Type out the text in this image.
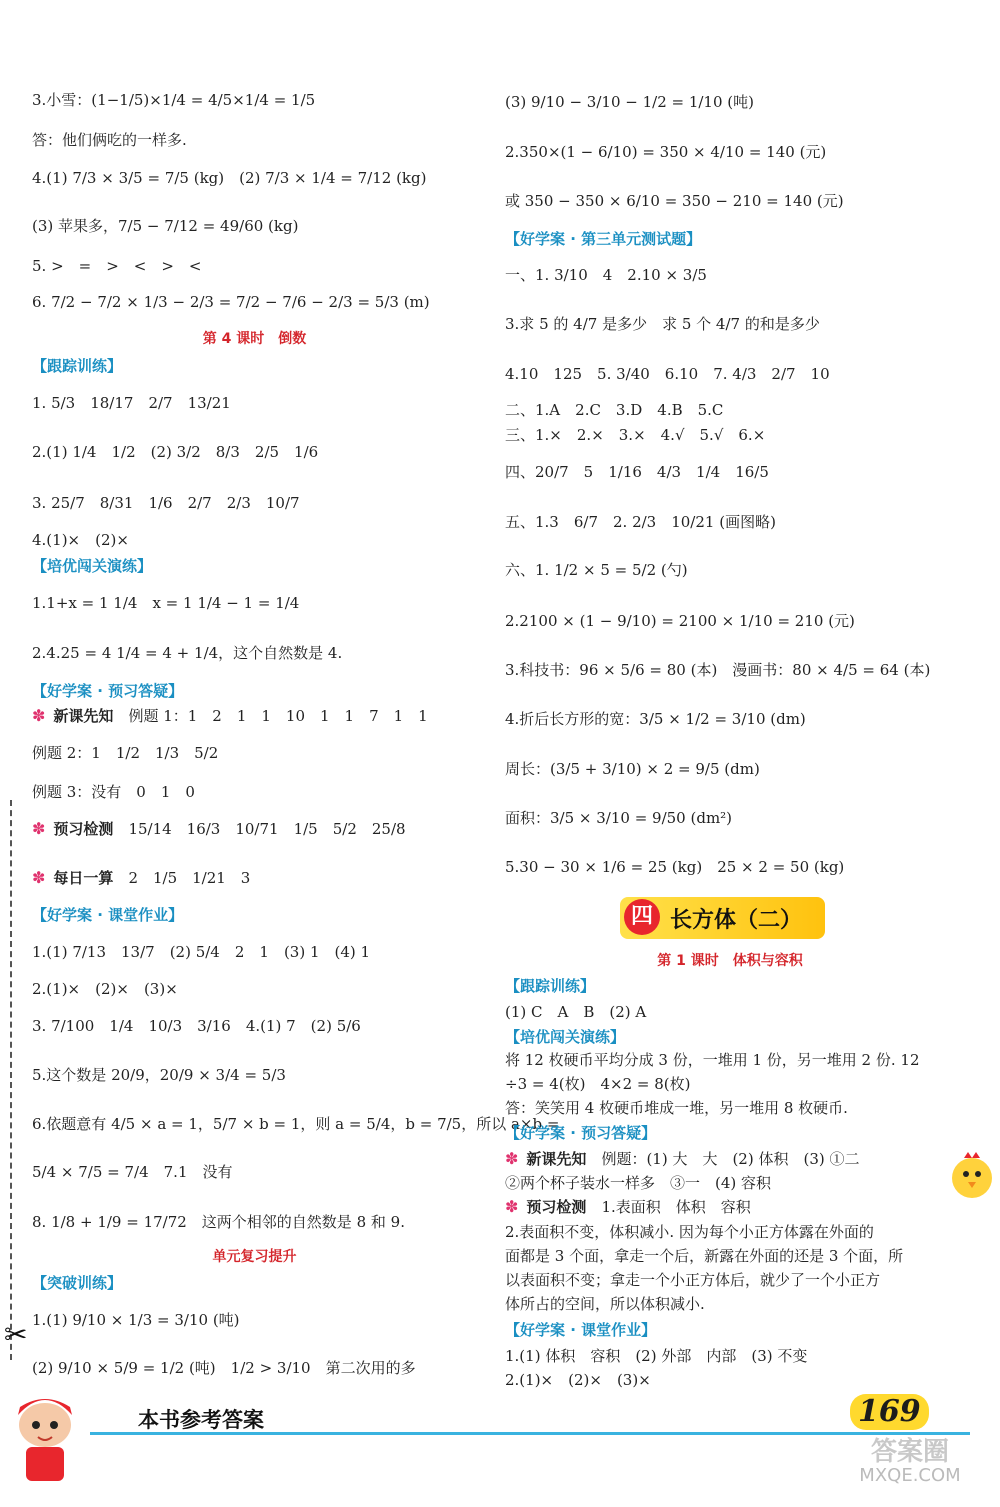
✂
3.小雪：(1−1/5)×1/4 = 4/5×1/4 = 1/5
答：他们俩吃的一样多.
4.(1) 7/3 × 3/5 = 7/5 (kg)　(2) 7/3 × 1/4 = 7/12 (kg)
(3) 苹果多，7/5 − 7/12 = 49/60 (kg)
5. >　=　>　<　>　<
6. 7/2 − 7/2 × 1/3 − 2/3 = 7/2 − 7/6 − 2/3 = 5/3 (m)
第 4 课时　倒数
【跟踪训练】
1. 5/3　18/17　2/7　13/21
2.(1) 1/4　1/2　(2) 3/2　8/3　2/5　1/6
3. 25/7　8/31　1/6　2/7　2/3　10/7
4.(1)×　(2)×
【培优闯关演练】
1.1+x = 1 1/4　x = 1 1/4 − 1 = 1/4
2.4.25 = 4 1/4 = 4 + 1/4，这个自然数是 4.
【好学案 · 预习答疑】
✽ 新课先知　 例题 1：1　2　1　1　10　1　1　7　1　1
例题 2：1　1/2　1/3　5/2
例题 3：没有　0　1　0
✽ 预习检测　 15/14　16/3　10/71　1/5　5/2　25/8
✽ 每日一算　 2　1/5　1/21　3
【好学案 · 课堂作业】
1.(1) 7/13　13/7　(2) 5/4　2　1　(3) 1　(4) 1
2.(1)×　(2)×　(3)×
3. 7/100　1/4　10/3　3/16　4.(1) 7　(2) 5/6
5.这个数是 20/9，20/9 × 3/4 = 5/3
6.依题意有 4/5 × a = 1，5/7 × b = 1，则 a = 5/4，b = 7/5，所以 a×b =
5/4 × 7/5 = 7/4　7.1　没有
8. 1/8 + 1/9 = 17/72　这两个相邻的自然数是 8 和 9.
单元复习提升
【突破训练】
1.(1) 9/10 × 1/3 = 3/10 (吨)
(2) 9/10 × 5/9 = 1/2 (吨)　1/2 > 3/10　第二次用的多
(3) 9/10 − 3/10 − 1/2 = 1/10 (吨)
2.350×(1 − 6/10) = 350 × 4/10 = 140 (元)
或 350 − 350 × 6/10 = 350 − 210 = 140 (元)
【好学案 · 第三单元测试题】
一、1. 3/10　4　2.10 × 3/5
3.求 5 的 4/7 是多少　求 5 个 4/7 的和是多少
4.10　125　5. 3/40　6.10　7. 4/3　2/7　10
二、1.A　2.C　3.D　4.B　5.C
三、1.×　2.×　3.×　4.√　5.√　6.×
四、20/7　5　1/16　4/3　1/4　16/5
五、1.3　6/7　2. 2/3　10/21 (画图略)
六、1. 1/2 × 5 = 5/2 (勺)
2.2100 × (1 − 9/10) = 2100 × 1/10 = 210 (元)
3.科技书：96 × 5/6 = 80 (本)　漫画书：80 × 4/5 = 64 (本)
4.折后长方形的宽：3/5 × 1/2 = 3/10 (dm)
周长：(3/5 + 3/10) × 2 = 9/5 (dm)
面积：3/5 × 3/10 = 9/50 (dm²)
5.30 − 30 × 1/6 = 25 (kg)　25 × 2 = 50 (kg)
第 1 课时　体积与容积
【跟踪训练】
(1) C　A　B　(2) A
【培优闯关演练】
将 12 枚硬币平均分成 3 份，一堆用 1 份，另一堆用 2 份. 12
÷3 = 4(枚)　4×2 = 8(枚)
答：笑笑用 4 枚硬币堆成一堆，另一堆用 8 枚硬币.
【好学案 · 预习答疑】
✽ 新课先知　 例题：(1) 大　大　(2) 体积　(3) ①二
②两个杯子装水一样多　③一　(4) 容积
✽ 预习检测　 1.表面积　体积　容积
2.表面积不变，体积减小. 因为每个小正方体露在外面的
面都是 3 个面，拿走一个后，新露在外面的还是 3 个面，所
以表面积不变；拿走一个小正方体后，就少了一个小正方
体所占的空间，所以体积减小.
【好学案 · 课堂作业】
1.(1) 体积　容积　(2) 外部　内部　(3) 不变
2.(1)×　(2)×　(3)×
四 长方体（二）
本书参考答案	169
答案圈
MXQE.COM
